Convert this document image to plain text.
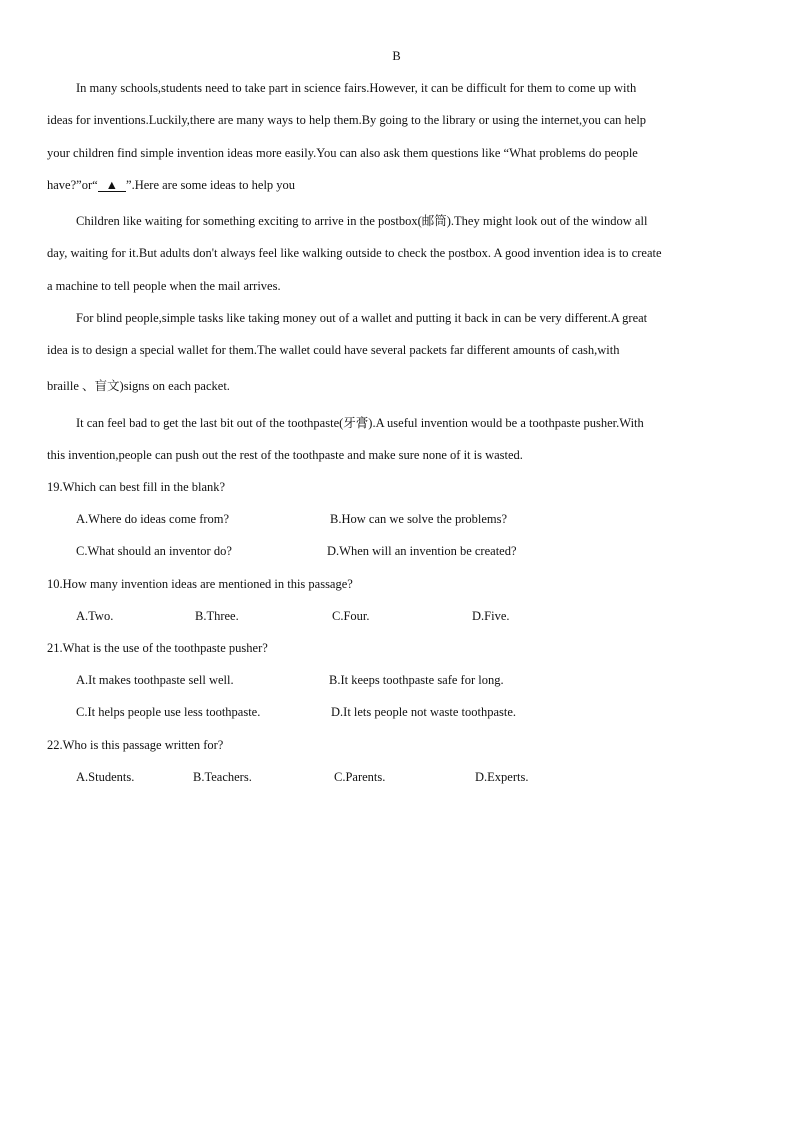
B
In many schools,students need to take part in science fairs.However, it can be difficult for them to come up with
ideas for inventions.Luckily,there are many ways to help them.By going to the library or using the internet,you can help
your children find simple invention ideas more easily.You can also ask them questions like “What problems do people
have?”or“ ▲ ”.Here are some ideas to help you
Children like waiting for something exciting to arrive in the postbox(邮筒).They might look out of the window all
day, waiting for it.But adults don't always feel like walking outside to check the postbox. A good invention idea is to create
a machine to tell people when the mail arrives.
For blind people,simple tasks like taking money out of a wallet and putting it back in can be very different.A great
idea is to design a special wallet for them.The wallet could have several packets far different amounts of cash,with
braille 、盲文)signs on each packet.
It can feel bad to get the last bit out of the toothpaste(牙膏).A useful invention would be a toothpaste pusher.With
this invention,people can push out the rest of the toothpaste and make sure none of it is wasted.
19.Which can best fill in the blank?
A.Where do ideas come from?	B.How can we solve the problems?
C.What should an inventor do?	D.When will an invention be created?
10.How many invention ideas are mentioned in this passage?
A.Two.	B.Three.	C.Four.	D.Five.
21.What is the use of the toothpaste pusher?
A.It makes toothpaste sell well.	B.It keeps toothpaste safe for long.
C.It helps people use less toothpaste.	D.It lets people not waste toothpaste.
22.Who is this passage written for?
A.Students.	B.Teachers.	C.Parents.	D.Experts.
